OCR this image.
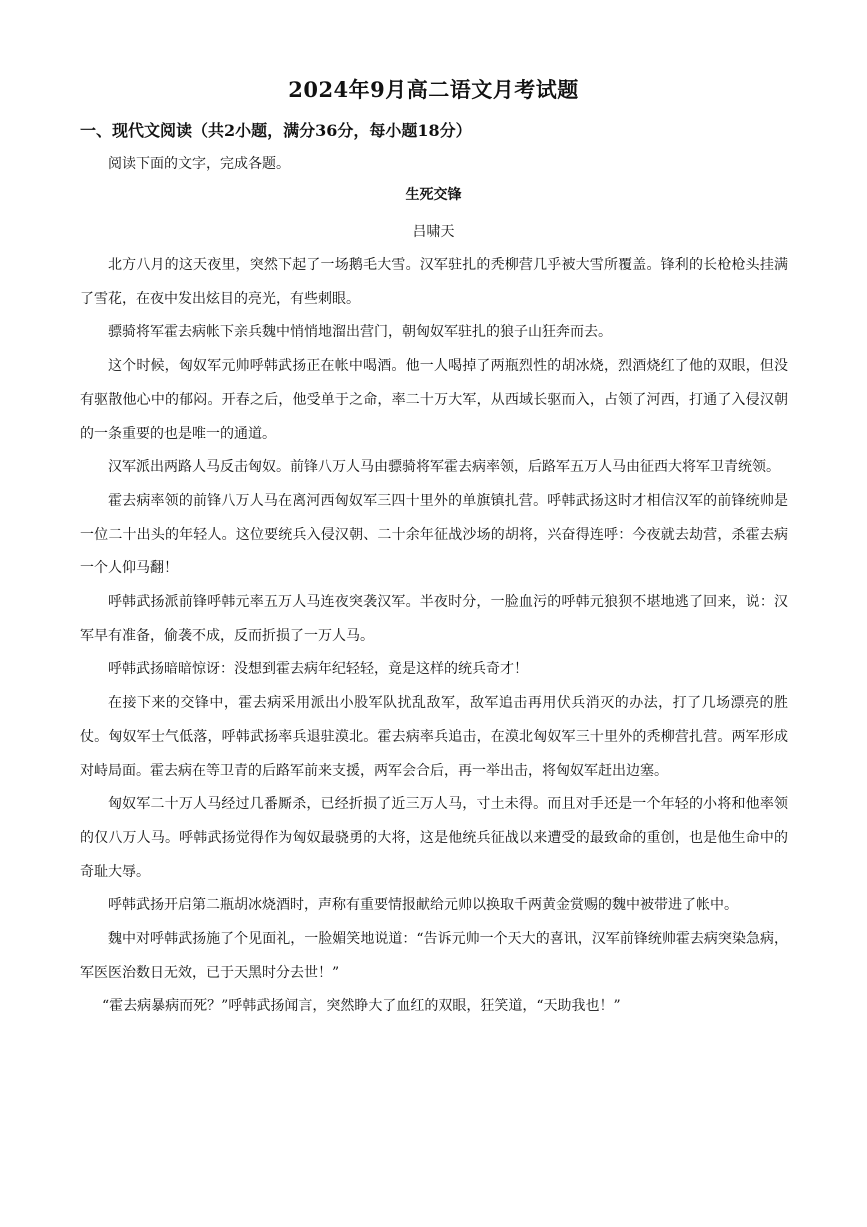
2024年9月高二语文月考试题
一、现代文阅读（共2小题，满分36分，每小题18分）

阅读下面的文字，完成各题。

生死交锋

吕啸天

北方八月的这天夜里，突然下起了一场鹅毛大雪。汉军驻扎的秃柳营几乎被大雪所覆盖。锋利的长枪枪头挂满了雪花，在夜中发出炫目的亮光，有些刺眼。

骠骑将军霍去病帐下亲兵魏中悄悄地溜出营门，朝匈奴军驻扎的狼子山狂奔而去。

这个时候，匈奴军元帅呼韩武扬正在帐中喝酒。他一人喝掉了两瓶烈性的胡冰烧，烈酒烧红了他的双眼，但没有驱散他心中的郁闷。开春之后，他受单于之命，率二十万大军，从西域长驱而入，占领了河西，打通了入侵汉朝的一条重要的也是唯一的通道。

汉军派出两路人马反击匈奴。前锋八万人马由骠骑将军霍去病率领，后路军五万人马由征西大将军卫青统领。

霍去病率领的前锋八万人马在离河西匈奴军三四十里外的单旗镇扎营。呼韩武扬这时才相信汉军的前锋统帅是一位二十出头的年轻人。这位要统兵入侵汉朝、二十余年征战沙场的胡将，兴奋得连呼：今夜就去劫营，杀霍去病一个人仰马翻！

呼韩武扬派前锋呼韩元率五万人马连夜突袭汉军。半夜时分，一脸血污的呼韩元狼狈不堪地逃了回来，说：汉军早有准备，偷袭不成，反而折损了一万人马。

呼韩武扬暗暗惊讶：没想到霍去病年纪轻轻，竟是这样的统兵奇才！

在接下来的交锋中，霍去病采用派出小股军队扰乱敌军，敌军追击再用伏兵消灭的办法，打了几场漂亮的胜仗。匈奴军士气低落，呼韩武扬率兵退驻漠北。霍去病率兵追击，在漠北匈奴军三十里外的秃柳营扎营。两军形成对峙局面。霍去病在等卫青的后路军前来支援，两军会合后，再一举出击，将匈奴军赶出边塞。

匈奴军二十万人马经过几番厮杀，已经折损了近三万人马，寸土未得。而且对手还是一个年轻的小将和他率领的仅八万人马。呼韩武扬觉得作为匈奴最骁勇的大将，这是他统兵征战以来遭受的最致命的重创，也是他生命中的奇耻大辱。

呼韩武扬开启第二瓶胡冰烧酒时，声称有重要情报献给元帅以换取千两黄金赏赐的魏中被带进了帐中。

魏中对呼韩武扬施了个见面礼，一脸媚笑地说道：“告诉元帅一个天大的喜讯，汉军前锋统帅霍去病突染急病，军医医治数日无效，已于天黑时分去世！”

“霍去病暴病而死？”呼韩武扬闻言，突然睁大了血红的双眼，狂笑道，“天助我也！”
